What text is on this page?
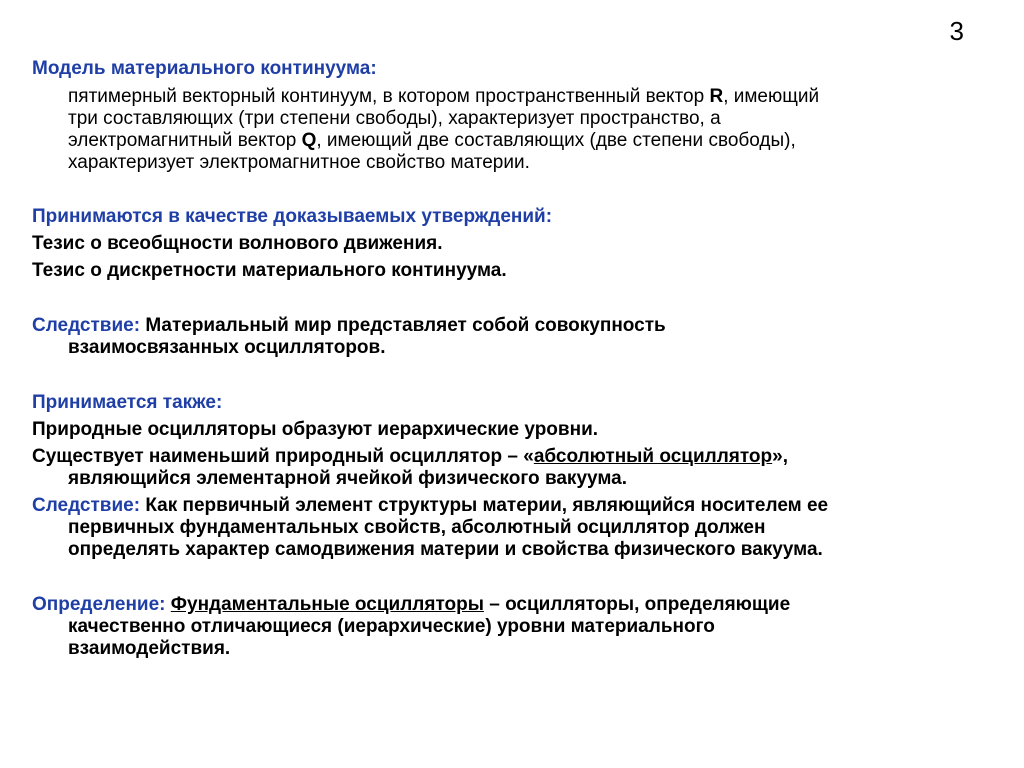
3
Модель материального континуума:
пятимерный векторный континуум, в котором пространственный вектор R, имеющий
три составляющих (три степени свободы), характеризует пространство, а
электромагнитный вектор Q, имеющий две составляющих (две степени свободы),
характеризует электромагнитное свойство материи.
Принимаются в качестве доказываемых утверждений:
Тезис о всеобщности волнового движения.
Тезис о дискретности материального континуума.
Следствие: Материальный мир представляет собой совокупность
взаимосвязанных осцилляторов.
Принимается также:
Природные осцилляторы образуют иерархические уровни.
Существует наименьший природный осциллятор – «абсолютный осциллятор»,
являющийся элементарной ячейкой физического вакуума.
Следствие: Как первичный элемент структуры материи, являющийся носителем ее
первичных фундаментальных свойств, абсолютный осциллятор должен
определять характер самодвижения материи и свойства физического вакуума.
Определение: Фундаментальные осцилляторы – осцилляторы, определяющие
качественно отличающиеся (иерархические) уровни материального
взаимодействия.
